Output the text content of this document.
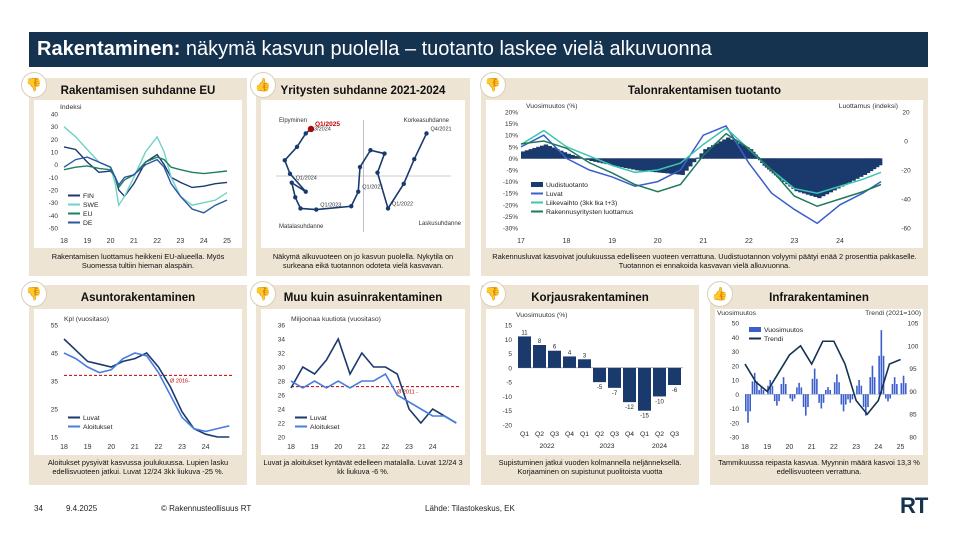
Rakentaminen: näkymä kasvun puolella – tuotanto laskee vielä alkuvuonna
Rakentamisen suhdanne EU
Indeksi
40
30
20
10
0
-10
-20
-30
-40
-50
18 19 20 21 22 23 24 25
FIN
SWE
EU
DE
Rakentamisen luottamus heikkeni EU-alueella. Myös Suomessa tultiin hieman alaspäin.
👎	Yritysten suhdanne 2021-2024
Elpyminen	Korkeasuhdanne
Matalasuhdanne	Laskusuhdanne
Q4/2021
Q1/2022
Q1/2021
Q1/2023
Q1/2024
Q3/2024
Q1/2025
Näkymä alkuvuoteen on jo kasvun puolella. Nykytila on surkeana eikä tuotannon odoteta vielä kasvavan.
👍	Talonrakentamisen tuotanto
Vuosimuutos (%)	Luottamus (indeksi)
20%
15%
10%
5%
0%
-5%
-10%
-15%
-20%
-25%
-30%
20
0
-20
-40
-60
17	18	19	20	21	22	23	24
Uudistuotanto
Luvat
Liikevaihto (3kk lka t+3)
Rakennusyritysten luottamus
Rakennusluvat kasvoivat joulukuussa edelliseen vuoteen verrattuna. Uudistuotannon volyymi päätyi enää 2 prosenttia pakkaselle. Tuotannon ei ennakoida kasvavan vielä alkuvuonna.
👎
Asuntorakentaminen
Kpl (vuositaso)
55
45
35
25
15
18 19 20 21 22 23 24
Ø 2016-
Luvat
Aloitukset
Aloitukset pysyivät kasvussa joulukuussa. Lupien lasku edellisvuoteen jatkui. Luvat 12/24 3kk liukuva -25 %.
👎	Muu kuin asuinrakentaminen
Miljoonaa kuutiota (vuositaso)
36
34
32
30
28
26
24
22
20
18 19 20 21 22 23 24
Ø 2011 -
Luvat
Aloitukset
Luvat ja aloitukset kyntävät edelleen matalalla. Luvat 12/24 3 kk liukuva -6 %.
👎	Korjausrakentaminen
Vuosimuutos (%)
15
10
5
0
-5
-10
-15
-20
11
Q1
8
Q2
6
Q3
4
Q4
3
Q1
-5
Q2
-7
Q3
-12
Q4
-15
Q1
-10
Q2
-6
Q3
2022	2023	2024
Supistuminen jatkui vuoden kolmannella neljänneksellä. Korjaaminen on supistunut puolitoista vuotta
👎	Infrarakentaminen
Vuosimuutos	Trendi (2021=100)
50
40
30
20
10
0
-10
-20
-30
105
100
95
90
85
80
18 19 20 21 22 23 24 25
Vuosimuutos
Trendi
Tammikuussa reipasta kasvua. Myynnin määrä kasvoi 13,3 % edellisvuoteen verrattuna.
👍
34	9.4.2025	© Rakennusteollisuus RT	Lähde: Tilastokeskus, EK	RT
